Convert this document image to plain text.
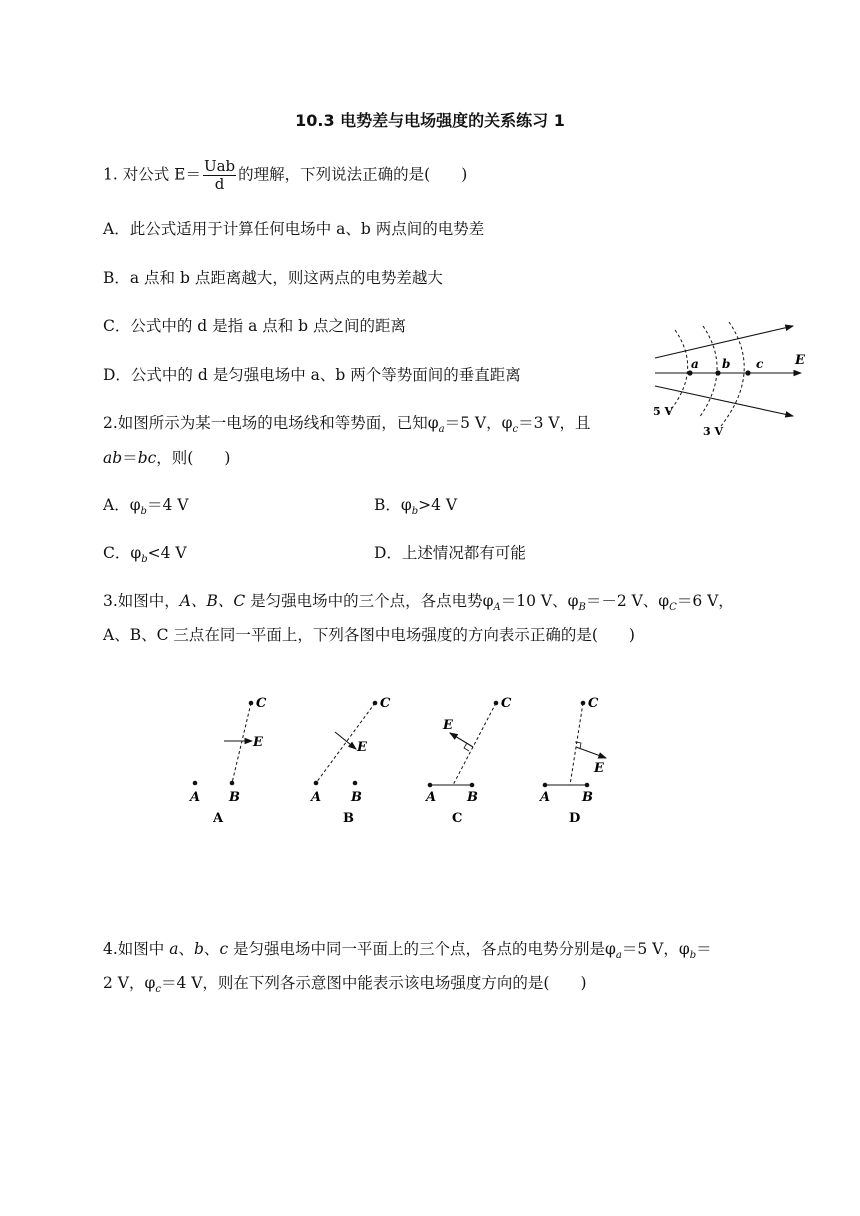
10.3 电势差与电场强度的关系练习 1
1. 对公式 $E= \frac{\text{Uab}}{d}$ 的理解，下列说法正确的是(　　)
A．此公式适用于计算任何电场中 a、b 两点间的电势差
B．a 点和 b 点距离越大，则这两点的电势差越大
C．公式中的 d 是指 a 点和 b 点之间的距离
D．公式中的 d 是匀强电场中 a、b 两个等势面间的垂直距离
2.如图所示为某一电场的电场线和等势面，已知$\varphi_a=5$ V，$\varphi_c=3$ V，且
ab＝bc，则(　　)
A．$\varphi_b=4$ V	B．$\varphi_b>4$ V
C．$\varphi_b<4$ V	D．上述情况都有可能
a b c E
5 V
3 V
3.如图中，A、B、C 是匀强电场中的三个点，各点电势$\varphi_A=10$ V、$\varphi_B=-2$ V、$\varphi_C=6$ V，
A、B、C 三点在同一平面上，下列各图中电场强度的方向表示正确的是(　　)
C
E
A B
A
C
E
A B
B
C
E
A B
C
C
E
A B
D
4.如图中 a、b、c 是匀强电场中同一平面上的三个点，各点的电势分别是$\varphi_a=5$ V，$\varphi_b=$
2 V，$\varphi_c=4$ V，则在下列各示意图中能表示该电场强度方向的是(　　)
